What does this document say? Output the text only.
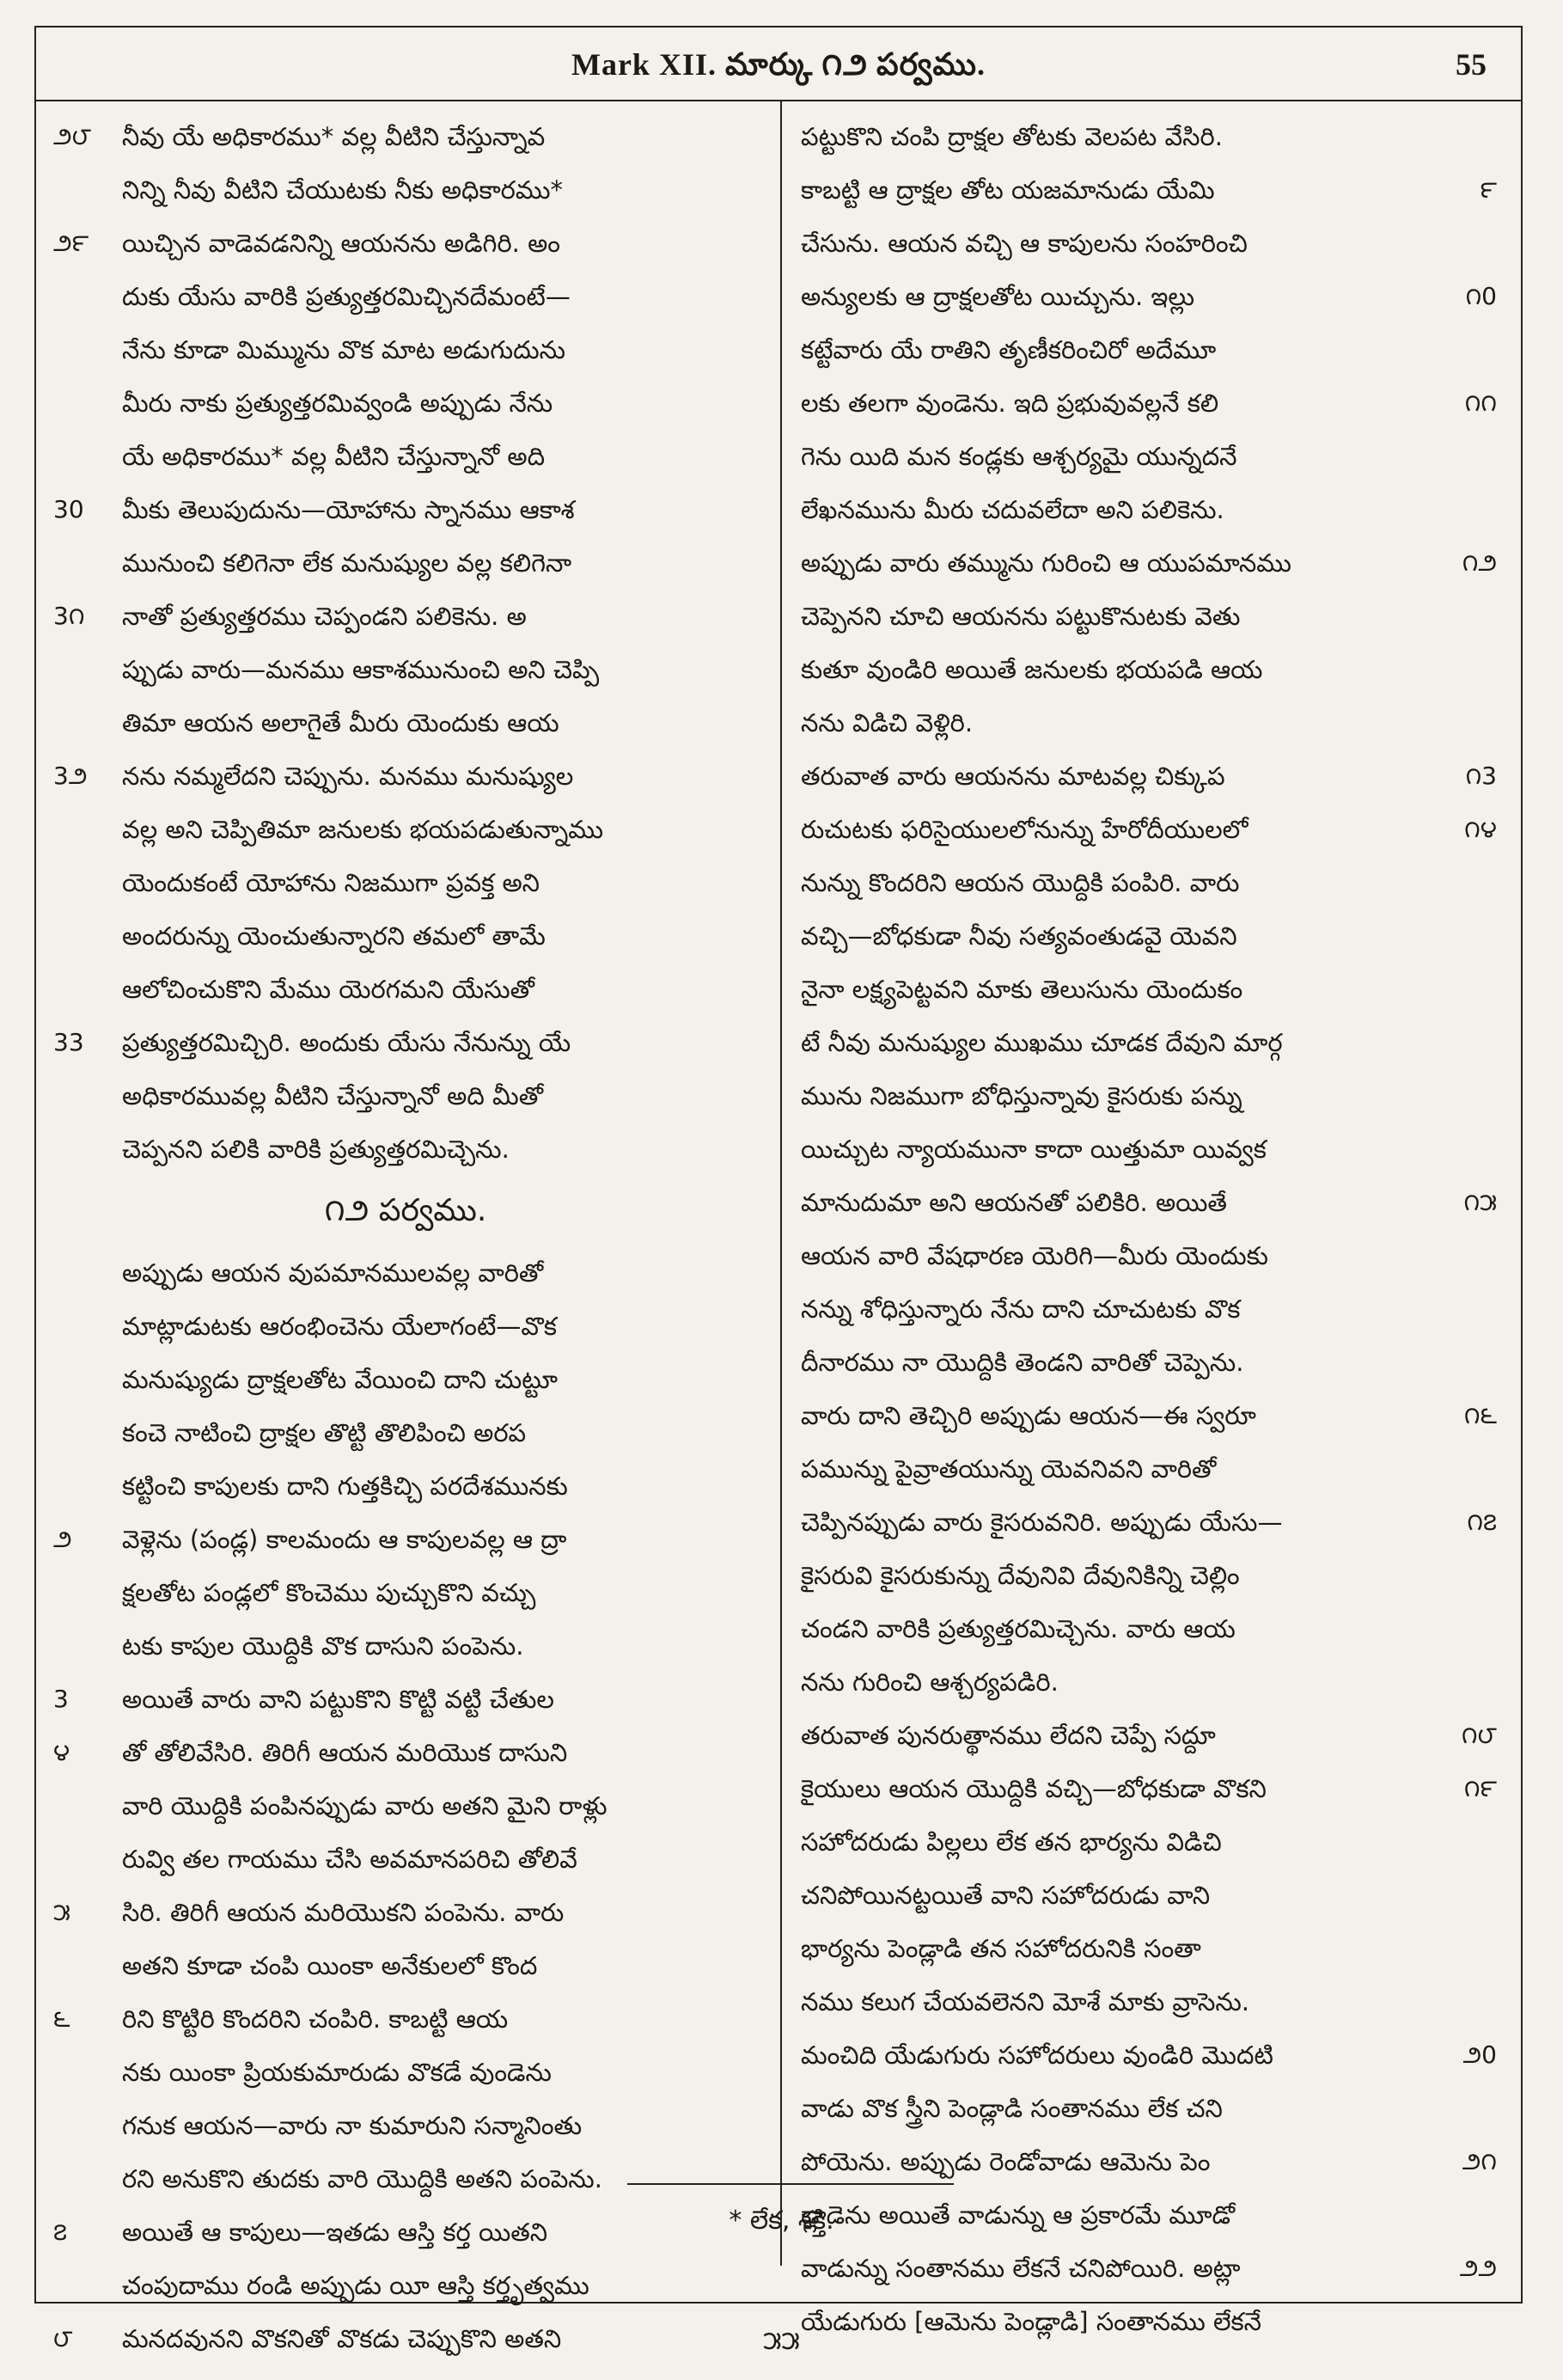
Mark XII. మార్కు ౧౨ పర్వము.	55
౨౮	నీవు యే అధికారము* వల్ల వీటిని చేస్తున్నావ
నిన్ని నీవు వీటిని చేయుటకు నీకు అధికారము*
౨౯	యిచ్చిన వాడెవడనిన్ని ఆయనను అడిగిరి. అం
దుకు యేసు వారికి ప్రత్యుత్తరమిచ్చినదేమంటే—
నేను కూడా మిమ్మును వొక మాట అడుగుదును
మీరు నాకు ప్రత్యుత్తరమివ్వండి అప్పుడు నేను
యే అధికారము* వల్ల వీటిని చేస్తున్నానో అది
30	మీకు తెలుపుదును—యోహాను స్నానము ఆకాశ
మునుంచి కలిగెనా లేక మనుష్యుల వల్ల కలిగెనా
3౧	నాతో ప్రత్యుత్తరము చెప్పండని పలికెను. అ
ప్పుడు వారు—మనము ఆకాశమునుంచి అని చెప్పి
తిమా ఆయన అలాగైతే మీరు యెందుకు ఆయ
3౨	నను నమ్మలేదని చెప్పును. మనము మనుష్యుల
వల్ల అని చెప్పితిమా జనులకు భయపడుతున్నాము
యెందుకంటే యోహాను నిజముగా ప్రవక్త అని
అందరున్ను యెంచుతున్నారని తమలో తామే
ఆలోచించుకొని మేము యెరగమని యేసుతో
33	ప్రత్యుత్తరమిచ్చిరి. అందుకు యేసు నేనున్ను యే
అధికారమువల్ల వీటిని చేస్తున్నానో అది మీతో
చెప్పనని పలికి వారికి ప్రత్యుత్తరమిచ్చెను.
౧౨ పర్వము.
అప్పుడు ఆయన వుపమానములవల్ల వారితో
మాట్లాడుటకు ఆరంభించెను యేలాగంటే—వొక
మనుష్యుడు ద్రాక్షలతోట వేయించి దాని చుట్టూ
కంచె నాటించి ద్రాక్షల తొట్టి తొలిపించి అరప
కట్టించి కాపులకు దాని గుత్తకిచ్చి పరదేశమునకు
౨	వెళ్లెను (పండ్ల) కాలమందు ఆ కాపులవల్ల ఆ ద్రా
క్షలతోట పండ్లలో కొంచెము పుచ్చుకొని వచ్చు
టకు కాపుల యొద్దికి వొక దాసుని పంపెను.
3	అయితే వారు వాని పట్టుకొని కొట్టి వట్టి చేతుల
౪	తో తోలివేసిరి. తిరిగీ ఆయన మరియొక దాసుని
వారి యొద్దికి పంపినప్పుడు వారు అతని మైని రాళ్లు
రువ్వి తల గాయము చేసి అవమానపరిచి తోలివే
౫	సిరి. తిరిగీ ఆయన మరియొకని పంపెను. వారు
అతని కూడా చంపి యింకా అనేకులలో కొంద
౬	రిని కొట్టిరి కొందరిని చంపిరి. కాబట్టి ఆయ
నకు యింకా ప్రియకుమారుడు వొకడే వుండెను
గనుక ఆయన—వారు నా కుమారుని సన్మానింతు
రని అనుకొని తుదకు వారి యొద్దికి అతని పంపెను.
౭	అయితే ఆ కాపులు—ఇతడు ఆస్తి కర్త యితని
చంపుదాము రండి అప్పుడు యీ ఆస్తి కర్తృత్వము
౮	మనదవునని వొకనితో వొకడు చెప్పుకొని అతని
పట్టుకొని చంపి ద్రాక్షల తోటకు వెలపట వేసిరి.
౯
కాబట్టి ఆ ద్రాక్షల తోట యజమానుడు యేమి
చేసును. ఆయన వచ్చి ఆ కాపులను సంహరించి
౧0
అన్యులకు ఆ ద్రాక్షలతోట యిచ్చును. ఇల్లు
కట్టేవారు యే రాతిని తృణీకరించిరో అదేమూ
౧౧
లకు తలగా వుండెను. ఇది ప్రభువువల్లనే కలి
గెను యిది మన కండ్లకు ఆశ్చర్యమై యున్నదనే
లేఖనమును మీరు చదువలేదా అని పలికెను.
౧౨
అప్పుడు వారు తమ్మును గురించి ఆ యుపమానము
చెప్పెనని చూచి ఆయనను పట్టుకొనుటకు వెతు
కుతూ వుండిరి అయితే జనులకు భయపడి ఆయ
నను విడిచి వెళ్లిరి.
౧3
తరువాత వారు ఆయనను మాటవల్ల చిక్కుప
౧౪
రుచుటకు ఫరిసైయులలోనున్ను హేరోదీయులలో
నున్ను కొందరిని ఆయన యొద్దికి పంపిరి. వారు
వచ్చి—బోధకుడా నీవు సత్యవంతుడవై యెవని
నైనా లక్ష్యపెట్టవని మాకు తెలుసును యెందుకం
టే నీవు మనుష్యుల ముఖము చూడక దేవుని మార్గ
మును నిజముగా బోధిస్తున్నావు కైసరుకు పన్ను
యిచ్చుట న్యాయమునా కాదా యిత్తుమా యివ్వక
౧౫
మానుదుమా అని ఆయనతో పలికిరి. అయితే
ఆయన వారి వేషధారణ యెరిగి—మీరు యెందుకు
నన్ను శోధిస్తున్నారు నేను దాని చూచుటకు వొక
దీనారము నా యొద్దికి తెండని వారితో చెప్పెను.
౧౬
వారు దాని తెచ్చిరి అప్పుడు ఆయన—ఈ స్వరూ
పమున్ను పైవ్రాతయున్ను యెవనివని వారితో
౧౭
చెప్పినప్పుడు వారు కైసరువనిరి. అప్పుడు యేసు—
కైసరువి కైసరుకున్ను దేవునివి దేవునికిన్ని చెల్లిం
చండని వారికి ప్రత్యుత్తరమిచ్చెను. వారు ఆయ
నను గురించి ఆశ్చర్యపడిరి.
౧౮
తరువాత పునరుత్థానము లేదని చెప్పే సద్దూ
౧౯
కైయులు ఆయన యొద్దికి వచ్చి—బోధకుడా వొకని
సహోదరుడు పిల్లలు లేక తన భార్యను విడిచి
చనిపోయినట్టయితే వాని సహోదరుడు వాని
భార్యను పెండ్లాడి తన సహోదరునికి సంతా
నము కలుగ చేయవలెనని మోశే మాకు వ్రాసెను.
౨0
మంచిది యేడుగురు సహోదరులు వుండిరి మొదటి
వాడు వొక స్త్రీని పెండ్లాడి సంతానము లేక చని
౨౧
పోయెను. అప్పుడు రెండోవాడు ఆమెను పెం
డ్లాడెను అయితే వాడున్ను ఆ ప్రకారమే మూడో
౨౨
వాడున్ను సంతానము లేకనే చనిపోయిరి. అట్లా
యేడుగురు [ఆమెను పెండ్లాడి] సంతానము లేకనే
* లేక, శక్తి.
౫౫
